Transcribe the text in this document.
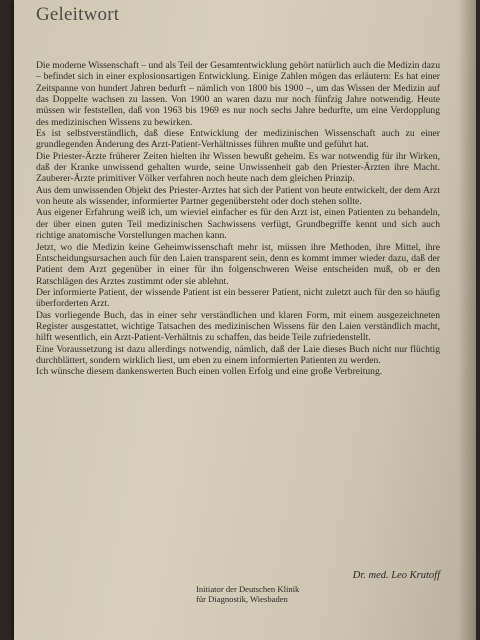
Geleitwort

Die moderne Wissenschaft – und als Teil der Gesamtentwicklung gehört natürlich auch die Medizin dazu – befindet sich in einer explosionsartigen Entwicklung. Einige Zahlen mögen das erläutern: Es hat einer Zeitspanne von hundert Jahren bedurft – nämlich von 1800 bis 1900 –, um das Wissen der Medizin auf das Doppelte wachsen zu lassen. Von 1900 an waren dazu nur noch fünfzig Jahre notwendig. Heute müssen wir feststellen, daß von 1963 bis 1969 es nur noch sechs Jahre bedurfte, um eine Verdopplung des medizinischen Wissens zu bewirken.

Es ist selbstverständlich, daß diese Entwicklung der medizinischen Wissenschaft auch zu einer grundlegenden Änderung des Arzt-Patient-Verhältnisses führen mußte und geführt hat.

Die Priester-Ärzte früherer Zeiten hielten ihr Wissen bewußt geheim. Es war notwendig für ihr Wirken, daß der Kranke unwissend gehalten wurde, seine Unwissenheit gab den Priester-Ärzten ihre Macht. Zauberer-Ärzte primitiver Völker verfahren noch heute nach dem gleichen Prinzip.

Aus dem unwissenden Objekt des Priester-Arztes hat sich der Patient von heute entwickelt, der dem Arzt von heute als wissender, informierter Partner gegenübersteht oder doch stehen sollte.

Aus eigener Erfahrung weiß ich, um wieviel einfacher es für den Arzt ist, einen Patienten zu behandeln, der über einen guten Teil medizinischen Sachwissens verfügt, Grundbegriffe kennt und sich auch richtige anatomische Vorstellungen machen kann.

Jetzt, wo die Medizin keine Geheimwissenschaft mehr ist, müssen ihre Methoden, ihre Mittel, ihre Entscheidungsursachen auch für den Laien transparent sein, denn es kommt immer wieder dazu, daß der Patient dem Arzt gegenüber in einer für ihn folgenschweren Weise entscheiden muß, ob er den Ratschlägen des Arztes zustimmt oder sie ablehnt.

Der informierte Patient, der wissende Patient ist ein besserer Patient, nicht zuletzt auch für den so häufig überforderten Arzt.

Das vorliegende Buch, das in einer sehr verständlichen und klaren Form, mit einem ausgezeichneten Register ausgestattet, wichtige Tatsachen des medizinischen Wissens für den Laien verständlich macht, hilft wesentlich, ein Arzt-Patient-Verhältnis zu schaffen, das beide Teile zufriedenstellt.

Eine Voraussetzung ist dazu allerdings notwendig, nämlich, daß der Laie dieses Buch nicht nur flüchtig durchblättert, sondern wirklich liest, um eben zu einem informierten Patienten zu werden.

Ich wünsche diesem dankenswerten Buch einen vollen Erfolg und eine große Verbreitung.

Dr. med. Leo Krutoff
Initiator der Deutschen Klinik
für Diagnostik, Wiesbaden
